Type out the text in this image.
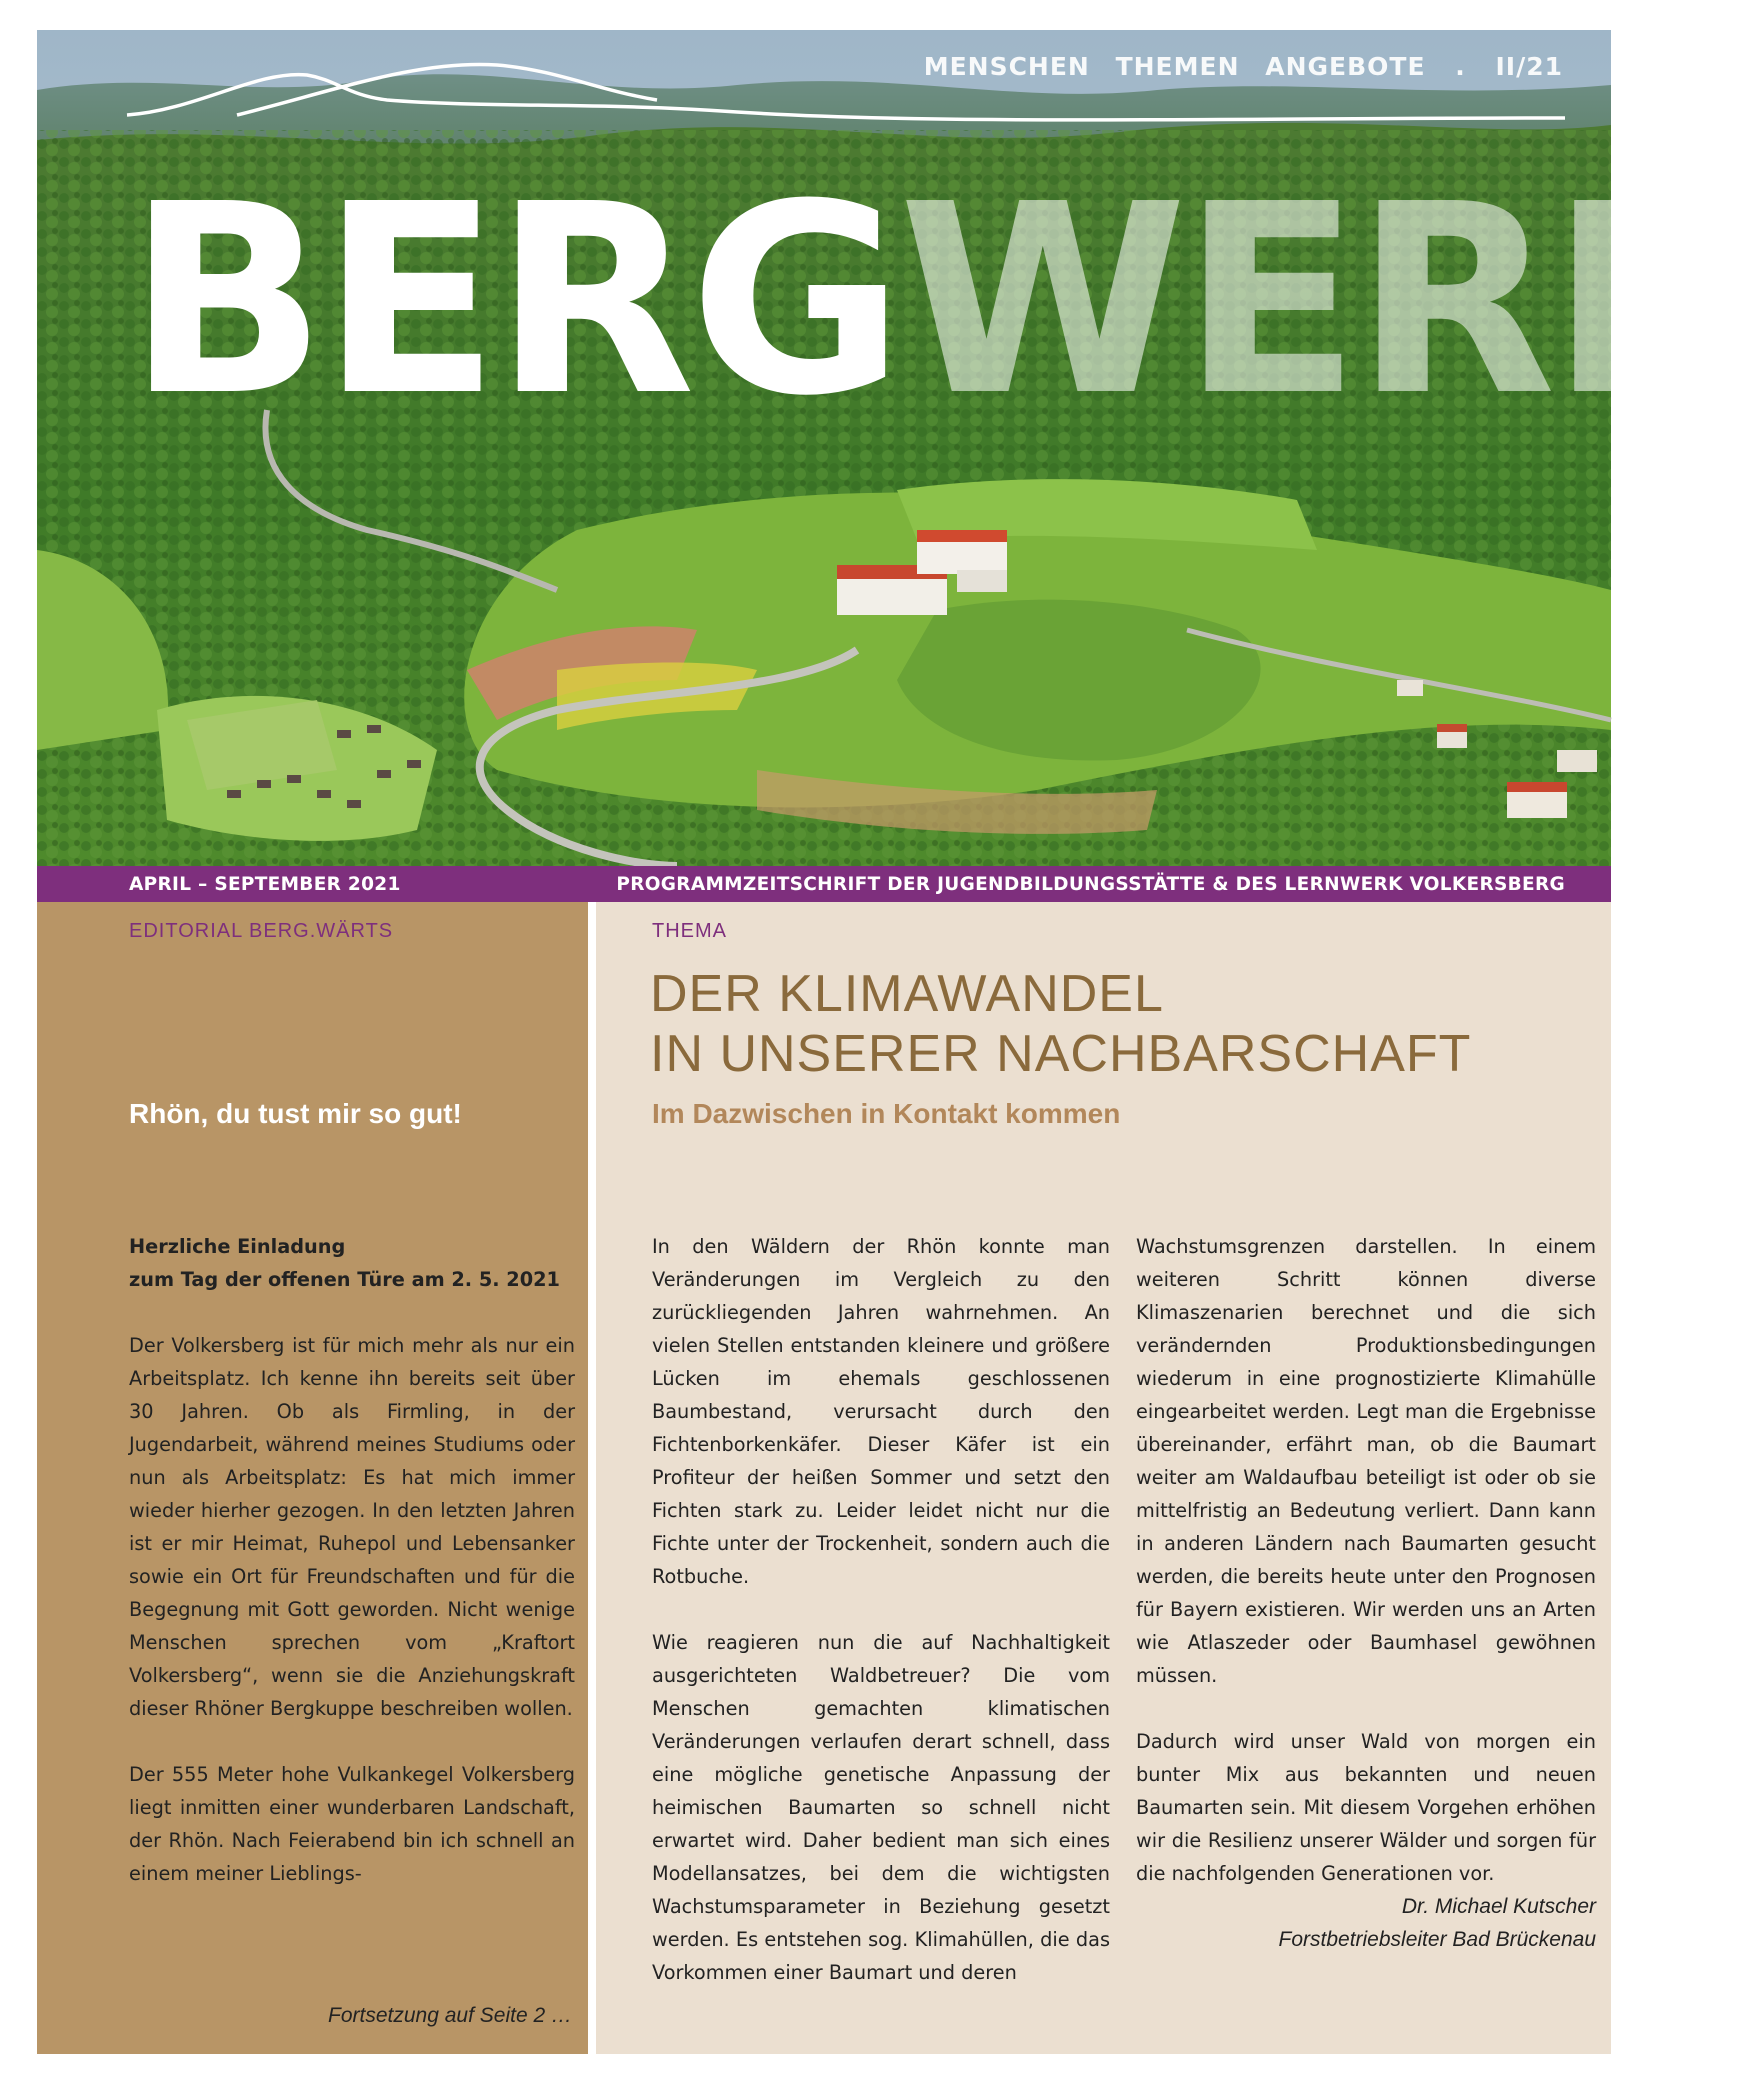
MENSCHEN THEMEN ANGEBOTE . II/21
BERGWERK
APRIL – SEPTEMBER 2021	PROGRAMMZEITSCHRIFT DER JUGENDBILDUNGSSTÄTTE & DES LERNWERK VOLKERSBERG
EDITORIAL BERG.WÄRTS
Rhön, du tust mir so gut!

Herzliche Einladung
zum Tag der offenen Türe am 2. 5. 2021

Der Volkersberg ist für mich mehr als nur ein Arbeitsplatz. Ich kenne ihn bereits seit über 30 Jahren. Ob als Firmling, in der Jugendarbeit, während meines Studiums oder nun als Arbeitsplatz: Es hat mich immer wieder hierher gezogen. In den letzten Jahren ist er mir Heimat, Ruhepol und Lebensanker sowie ein Ort für Freundschaften und für die Begegnung mit Gott geworden. Nicht wenige Menschen sprechen vom „Kraftort Volkersberg“, wenn sie die Anziehungskraft dieser Rhöner Bergkuppe beschreiben wollen.

Der 555 Meter hohe Vulkankegel Volkersberg liegt inmitten einer wunderbaren Landschaft, der Rhön. Nach Feierabend bin ich schnell an einem meiner Lieblings-

Fortsetzung auf Seite 2 …
THEMA
DER KLIMAWANDEL
IN UNSERER NACHBARSCHAFT
Im Dazwischen in Kontakt kommen

In den Wäldern der Rhön konnte man Veränderungen im Vergleich zu den zurückliegenden Jahren wahrnehmen. An vielen Stellen entstanden kleinere und größere Lücken im ehemals geschlossenen Baumbestand, verursacht durch den Fichtenborkenkäfer. Dieser Käfer ist ein Profiteur der heißen Sommer und setzt den Fichten stark zu. Leider leidet nicht nur die Fichte unter der Trockenheit, sondern auch die Rotbuche.

Wie reagieren nun die auf Nachhaltigkeit ausgerichteten Waldbetreuer? Die vom Menschen gemachten klimatischen Veränderungen verlaufen derart schnell, dass eine mögliche genetische Anpassung der heimischen Baumarten so schnell nicht erwartet wird. Daher bedient man sich eines Modellansatzes, bei dem die wichtigsten Wachstumsparameter in Beziehung gesetzt werden. Es entstehen sog. Klimahüllen, die das Vorkommen einer Baumart und deren

Wachstumsgrenzen darstellen. In einem weiteren Schritt können diverse Klimaszenarien berechnet und die sich verändernden Produktionsbedingungen wiederum in eine prognostizierte Klimahülle eingearbeitet werden. Legt man die Ergebnisse übereinander, erfährt man, ob die Baumart weiter am Waldaufbau beteiligt ist oder ob sie mittelfristig an Bedeutung verliert. Dann kann in anderen Ländern nach Baumarten gesucht werden, die bereits heute unter den Prognosen für Bayern existieren. Wir werden uns an Arten wie Atlaszeder oder Baumhasel gewöhnen müssen.

Dadurch wird unser Wald von morgen ein bunter Mix aus bekannten und neuen Baumarten sein. Mit diesem Vorgehen erhöhen wir die Resilienz unserer Wälder und sorgen für die nachfolgenden Generationen vor.

Dr. Michael Kutscher
Forstbetriebsleiter Bad Brückenau
